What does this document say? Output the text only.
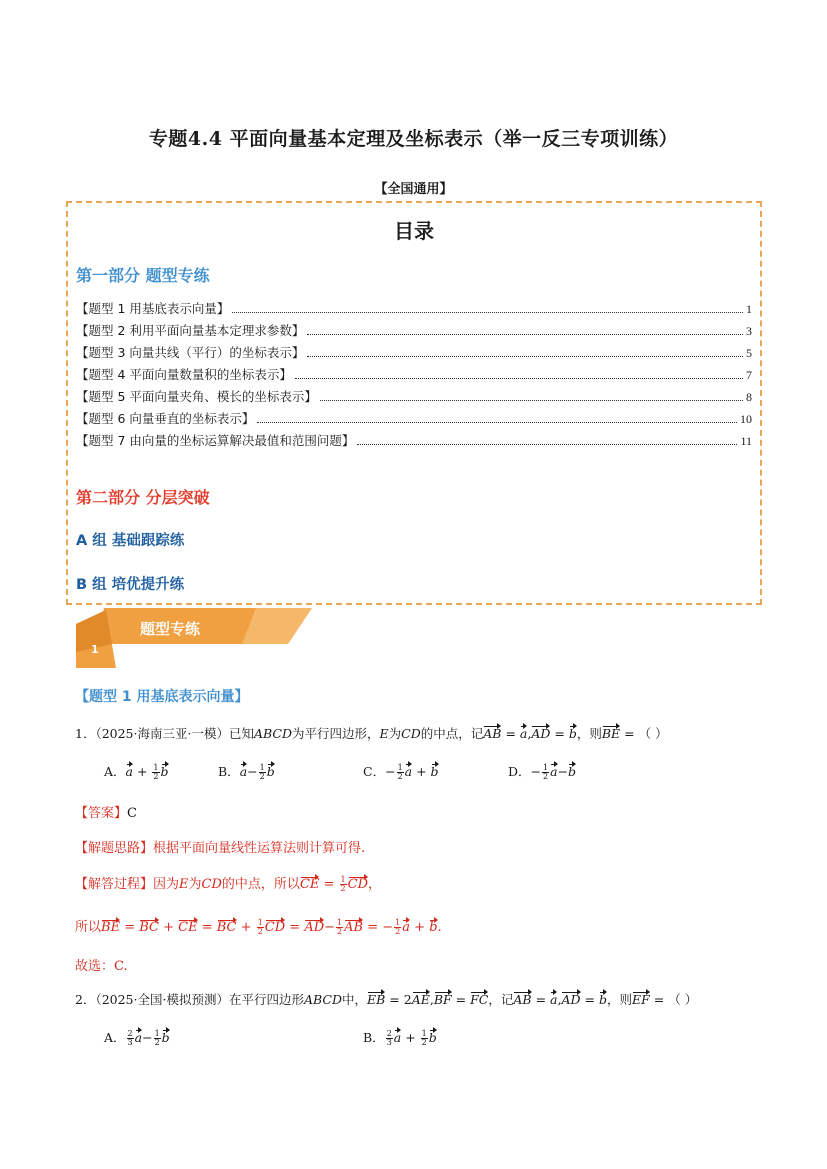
专题4.4 平面向量基本定理及坐标表示（举一反三专项训练）
【全国通用】
目录
第一部分 题型专练
【题型 1 用基底表示向量】	1
【题型 2 利用平面向量基本定理求参数】	3
【题型 3 向量共线（平行）的坐标表示】	5
【题型 4 平面向量数量积的坐标表示】	7
【题型 5 平面向量夹角、模长的坐标表示】	8
【题型 6 向量垂直的坐标表示】	10
【题型 7 由向量的坐标运算解决最值和范围问题】	11
第二部分 分层突破
A 组 基础跟踪练
B 组 培优提升练
题型专练
1
【题型 1 用基底表示向量】
1．（2025·海南三亚·一模）已知ABCD为平行四边形，E为CD的中点，记AB = a,AD = b，则BE = （ ）
A．$a + \frac{1}{2}$ b	B．$a- \frac{1}{2}$ b	C．− $\frac{1}{2}$ a + b	D．− $\frac{1}{2} a-b$
【答案】C
【解题思路】根据平面向量线性运算法则计算可得.
【解答过程】因为E为CD的中点，所以CE = $\frac{1}{2}$ CD，
所以BE = BC + CE = BC + $\frac{1}{2}$ CD = $AD- \frac{1}{2}$ AB = − $\frac{1}{2}$ a + b.
故选：C.
2．（2025·全国·模拟预测）在平行四边形ABCD中，EB = 2AE,BF = FC，记AB = a,AD = b，则EF = （ ）
A． $\frac{2}{3} a- \frac{1}{2}$ b	B． $\frac{2}{3}$ $a + \frac{1}{2}$ b
